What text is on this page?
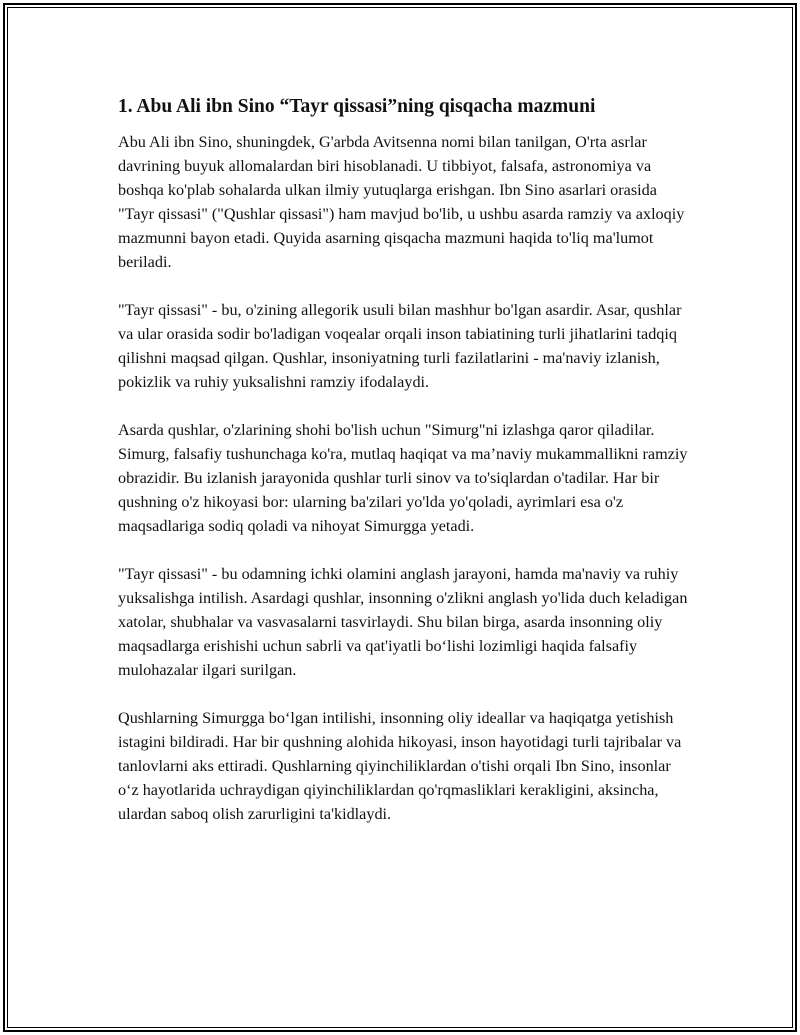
1. Abu Ali ibn Sino “Tayr qissasi”ning qisqacha mazmuni

Abu Ali ibn Sino, shuningdek, G'arbda Avitsenna nomi bilan tanilgan, O'rta asrlar davrining buyuk allomalardan biri hisoblanadi. U tibbiyot, falsafa, astronomiya va boshqa ko'plab sohalarda ulkan ilmiy yutuqlarga erishgan. Ibn Sino asarlari orasida "Tayr qissasi" ("Qushlar qissasi") ham mavjud bo'lib, u ushbu asarda ramziy va axloqiy mazmunni bayon etadi. Quyida asarning qisqacha mazmuni haqida to'liq ma'lumot beriladi.

"Tayr qissasi" - bu, o'zining allegorik usuli bilan mashhur bo'lgan asardir. Asar, qushlar va ular orasida sodir bo'ladigan voqealar orqali inson tabiatining turli jihatlarini tadqiq qilishni maqsad qilgan. Qushlar, insoniyatning turli fazilatlarini - ma'naviy izlanish, pokizlik va ruhiy yuksalishni ramziy ifodalaydi.

Asarda qushlar, o'zlarining shohi bo'lish uchun "Simurg"ni izlashga qaror qiladilar. Simurg, falsafiy tushunchaga ko'ra, mutlaq haqiqat va ma’naviy mukammallikni ramziy obrazidir. Bu izlanish jarayonida qushlar turli sinov va to'siqlardan o'tadilar. Har bir qushning o'z hikoyasi bor: ularning ba'zilari yo'lda yo'qoladi, ayrimlari esa o'z maqsadlariga sodiq qoladi va nihoyat Simurgga yetadi.

"Tayr qissasi" - bu odamning ichki olamini anglash jarayoni, hamda ma'naviy va ruhiy yuksalishga intilish. Asardagi qushlar, insonning o'zlikni anglash yo'lida duch keladigan xatolar, shubhalar va vasvasalarni tasvirlaydi. Shu bilan birga, asarda insonning oliy maqsadlarga erishishi uchun sabrli va qat'iyatli bo‘lishi lozimligi haqida falsafiy mulohazalar ilgari surilgan.

Qushlarning Simurgga bo‘lgan intilishi, insonning oliy ideallar va haqiqatga yetishish istagini bildiradi. Har bir qushning alohida hikoyasi, inson hayotidagi turli tajribalar va tanlovlarni aks ettiradi. Qushlarning qiyinchiliklardan o'tishi orqali Ibn Sino, insonlar o‘z hayotlarida uchraydigan qiyinchiliklardan qo'rqmasliklari kerakligini, aksincha, ulardan saboq olish zarurligini ta'kidlaydi.
